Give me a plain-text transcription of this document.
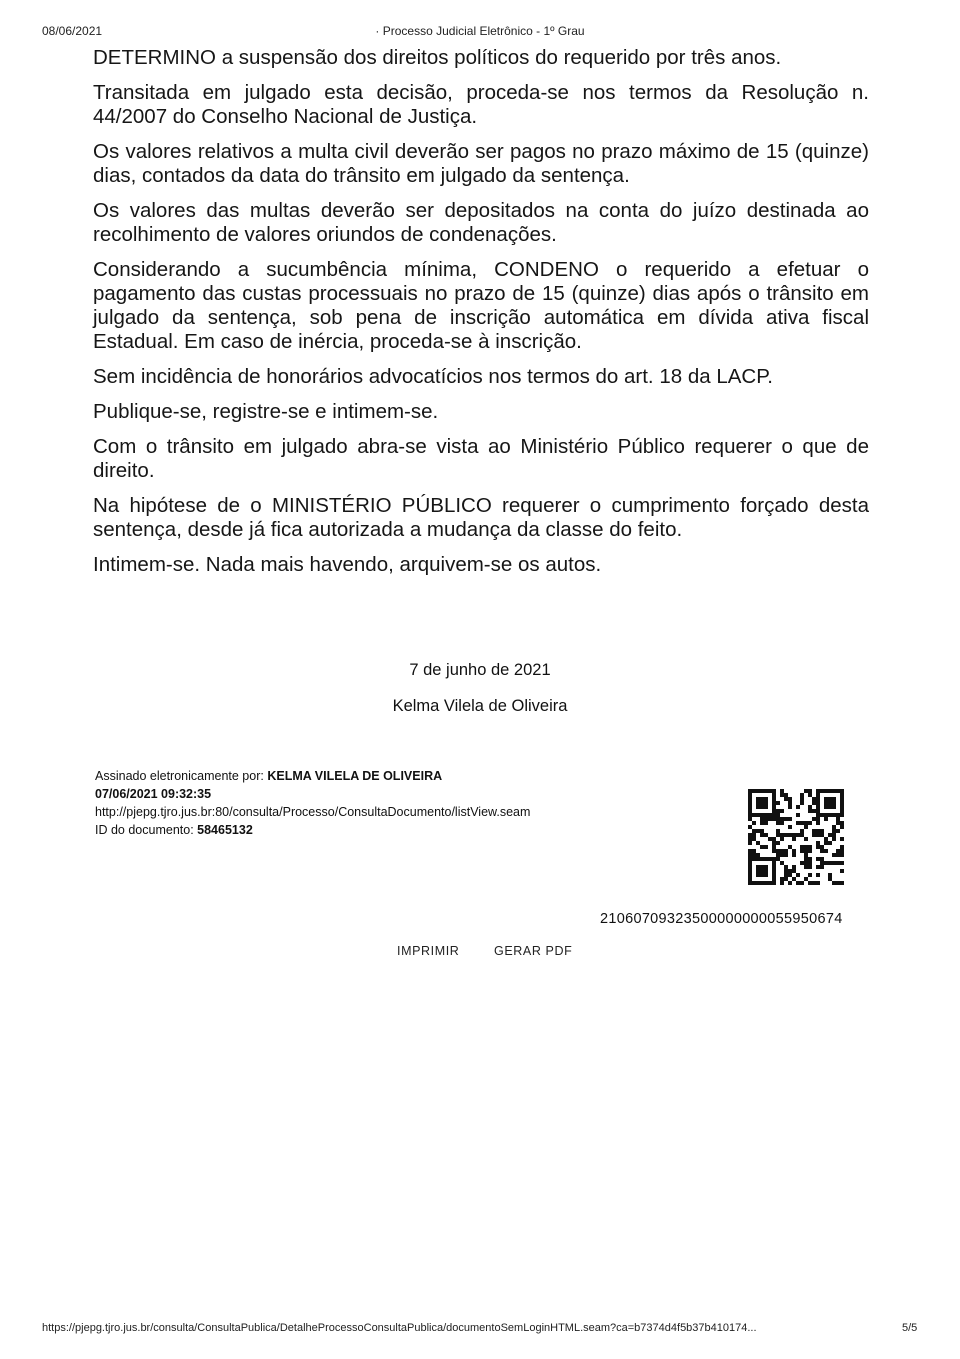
08/06/2021	· Processo Judicial Eletrônico - 1º Grau

DETERMINO a suspensão dos direitos políticos do requerido por três anos.

Transitada em julgado esta decisão, proceda-se nos termos da Resolução n. 44/2007 do Conselho Nacional de Justiça.

Os valores relativos a multa civil deverão ser pagos no prazo máximo de 15 (quinze) dias, contados da data do trânsito em julgado da sentença.

Os valores das multas deverão ser depositados na conta do juízo destinada ao recolhimento de valores oriundos de condenações.

Considerando a sucumbência mínima, CONDENO o requerido a efetuar o pagamento das custas processuais no prazo de 15 (quinze) dias após o trânsito em julgado da sentença, sob pena de inscrição automática em dívida ativa fiscal Estadual. Em caso de inércia, proceda-se à inscrição.

Sem incidência de honorários advocatícios nos termos do art. 18 da LACP.

Publique-se, registre-se e intimem-se.

Com o trânsito em julgado abra-se vista ao Ministério Público requerer o que de direito.

Na hipótese de o MINISTÉRIO PÚBLICO requerer o cumprimento forçado desta sentença, desde já fica autorizada a mudança da classe do feito.

Intimem-se. Nada mais havendo, arquivem-se os autos.

7 de junho de 2021
Kelma Vilela de Oliveira
Assinado eletronicamente por: KELMA VILELA DE OLIVEIRA
07/06/2021 09:32:35
http://pjepg.tjro.jus.br:80/consulta/Processo/ConsultaDocumento/listView.seam
ID do documento: 58465132
21060709323500000000055950674
IMPRIMIR	GERAR PDF
https://pjepg.tjro.jus.br/consulta/ConsultaPublica/DetalheProcessoConsultaPublica/documentoSemLoginHTML.seam?ca=b7374d4f5b37b410174...	5/5
